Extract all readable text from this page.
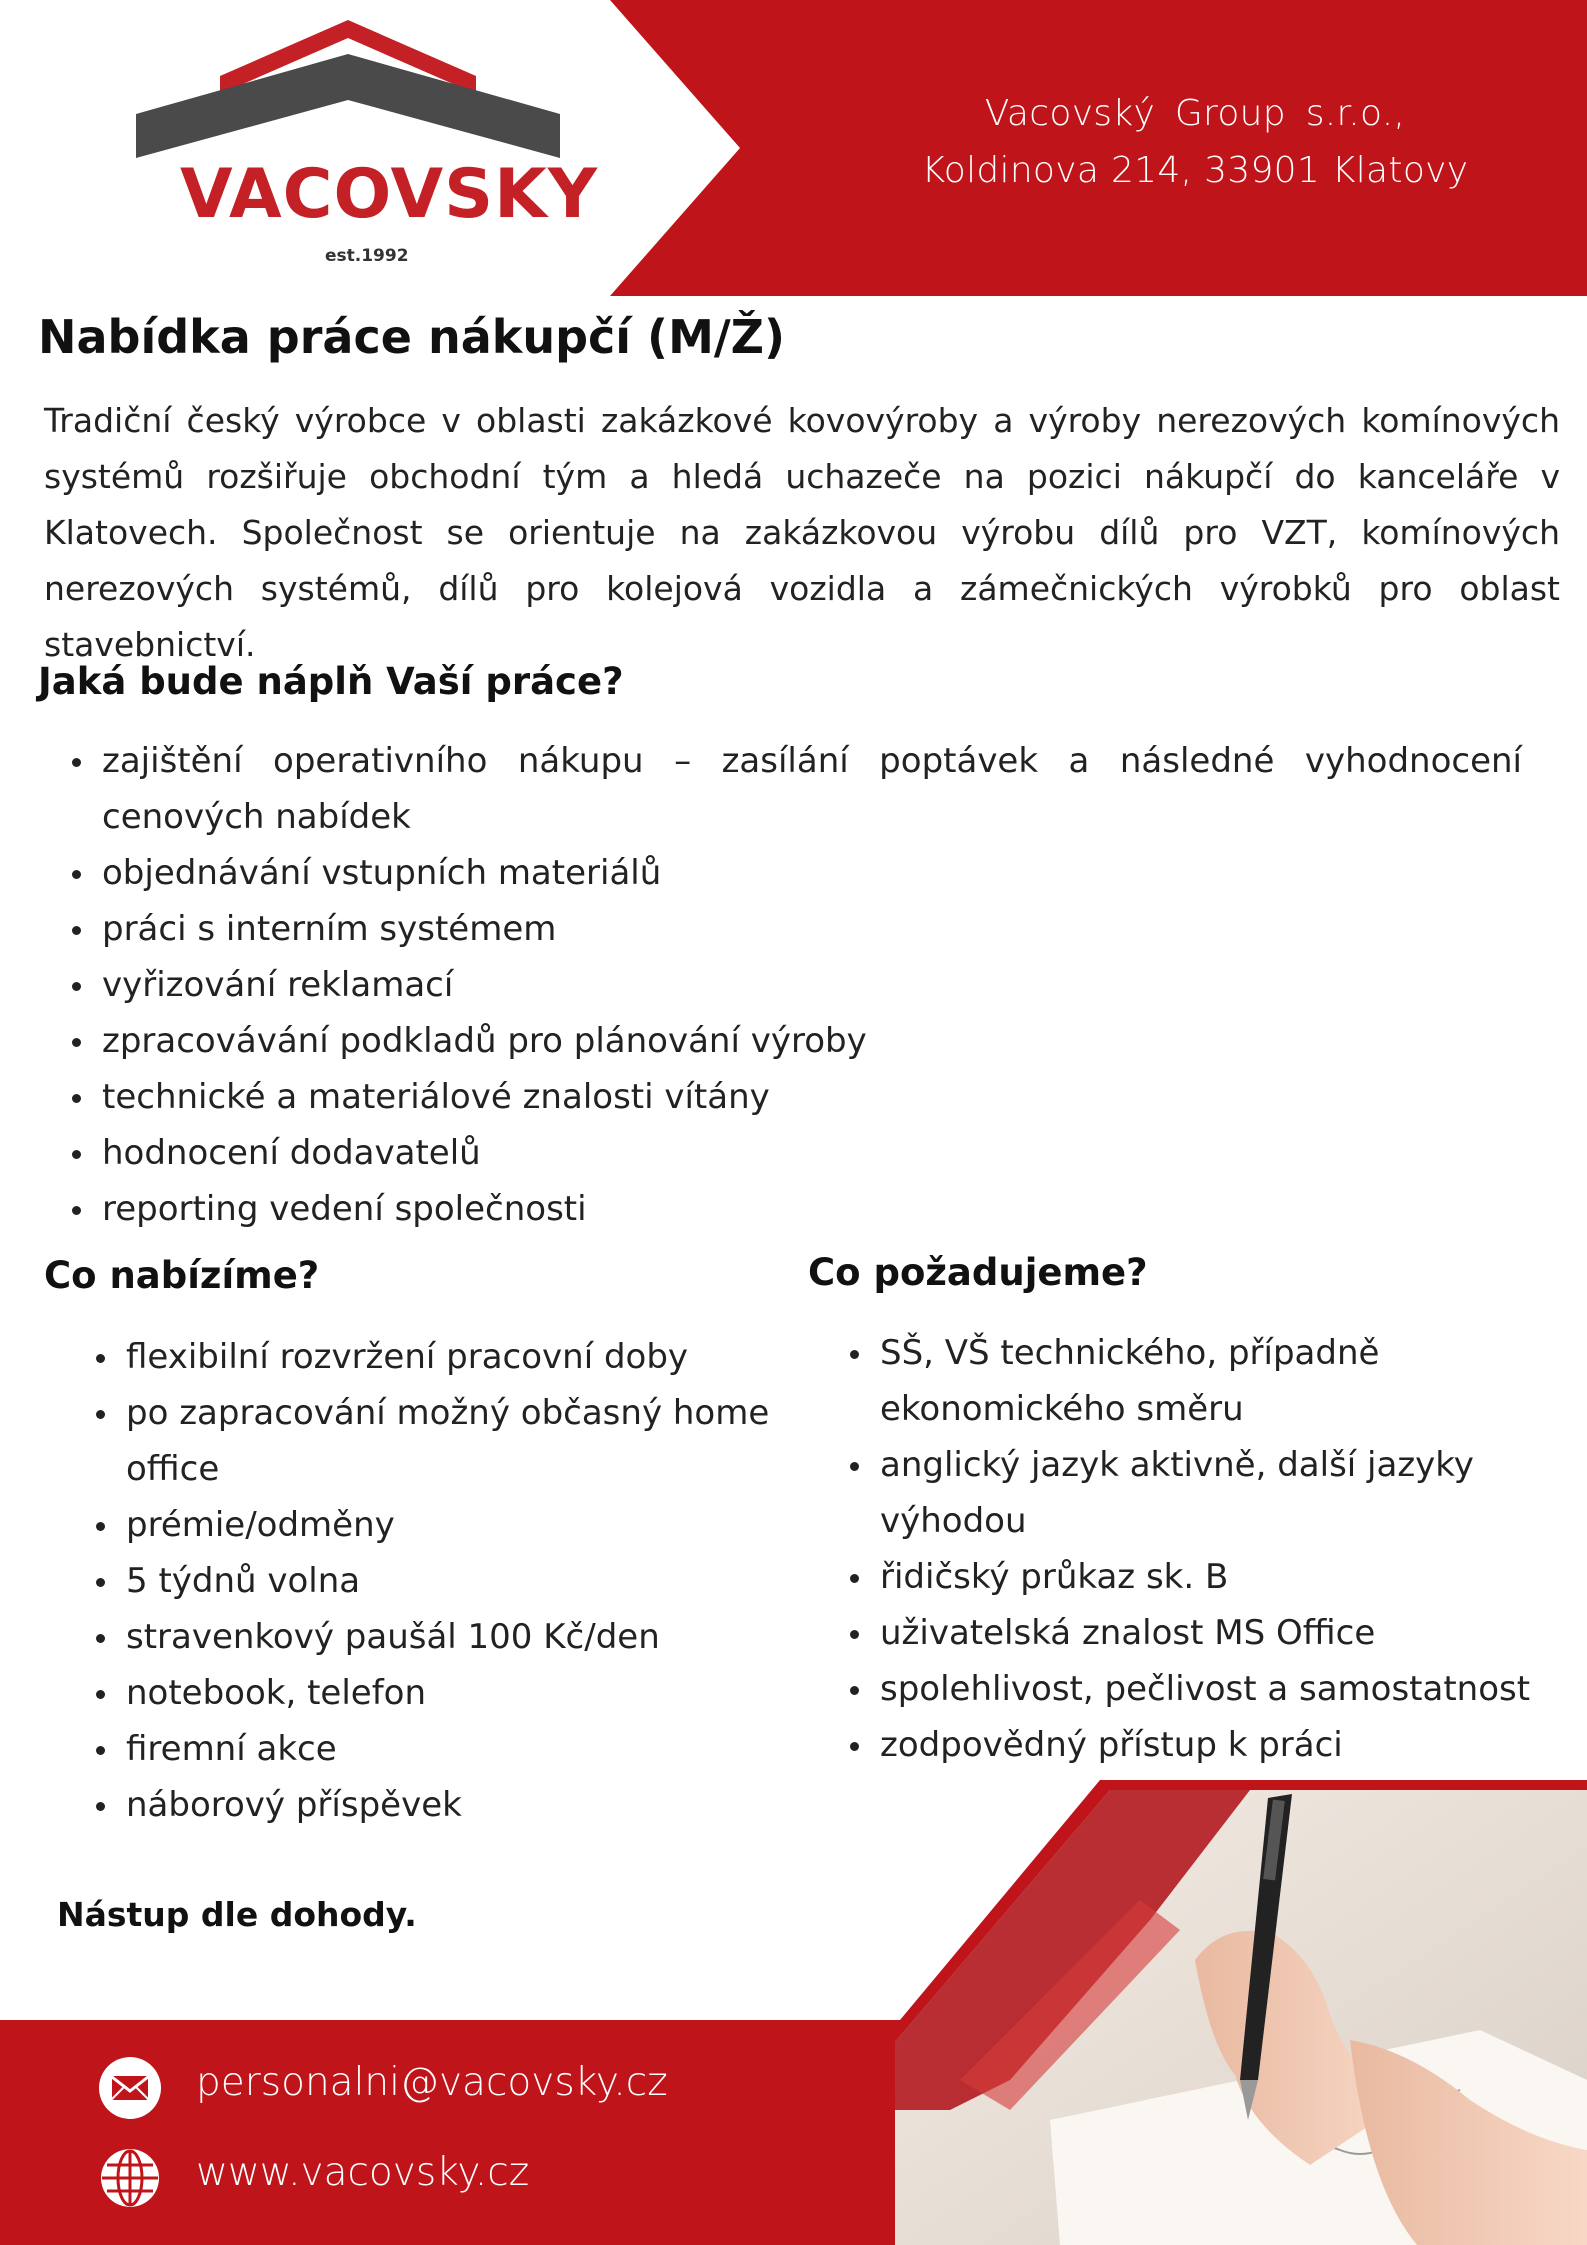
VACOVSKY
est.1992
Vacovský Group s.r.o.,
Koldinova 214, 33901 Klatovy
Nabídka práce nákupčí (M/Ž)

Tradiční český výrobce v oblasti zakázkové kovovýroby a výroby nerezových komínových systémů rozšiřuje obchodní tým a hledá uchazeče na pozici nákupčí do kanceláře v Klatovech. Společnost se orientuje na zakázkovou výrobu dílů pro VZT, komínových nerezových systémů, dílů pro kolejová vozidla a zámečnických výrobků pro oblast stavebnictví.

Jaká bude náplň Vaší práce?
zajištění operativního nákupu – zasílání poptávek a následné vyhodnocení cenových nabídek
objednávání vstupních materiálů
práci s interním systémem
vyřizování reklamací
zpracovávání podkladů pro plánování výroby
technické a materiálové znalosti vítány
hodnocení dodavatelů
reporting vedení společnosti
Co nabízíme?
flexibilní rozvržení pracovní doby
po zapracování možný občasný home office
prémie/odměny
5 týdnů volna
stravenkový paušál 100 Kč/den
notebook, telefon
firemní akce
náborový příspěvek
Co požadujeme?
SŠ, VŠ technického, případně ekonomického směru
anglický jazyk aktivně, další jazyky výhodou
řidičský průkaz sk. B
uživatelská znalost MS Office
spolehlivost, pečlivost a samostatnost
zodpovědný přístup k práci
Nástup dle dohody.
personalni@vacovsky.cz
www.vacovsky.cz
